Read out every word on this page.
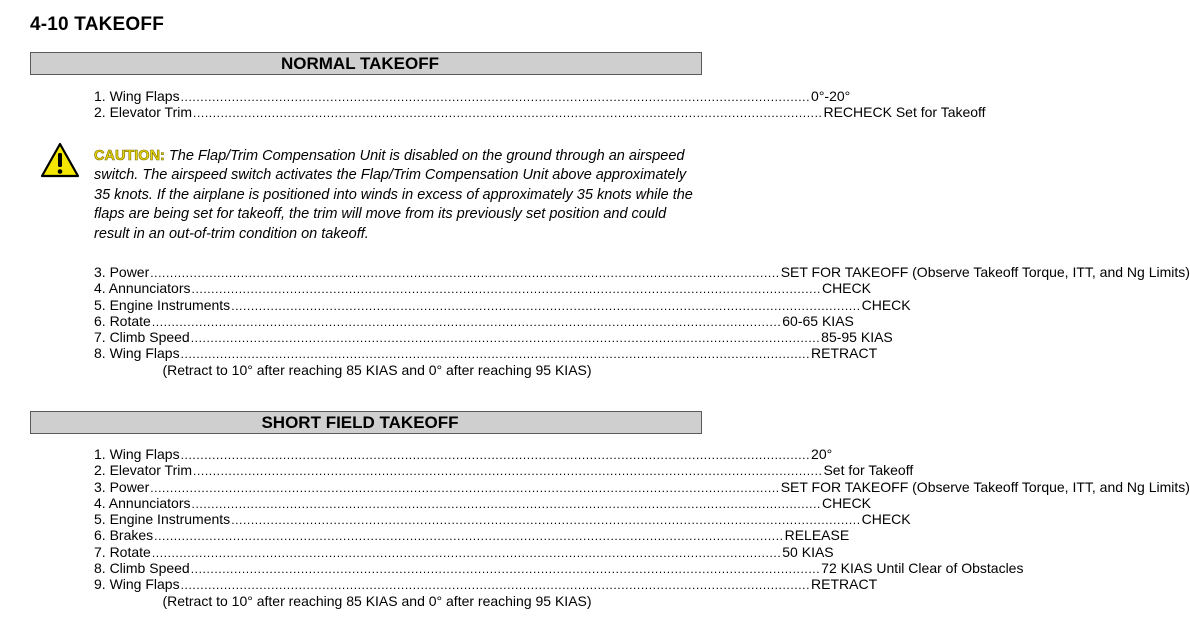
4-10 TAKEOFF
NORMAL TAKEOFF
1. Wing Flaps ................................................................................................................................................................ 0°-20°
2. Elevator Trim ................................................................................................................................................................ RECHECK Set for Takeoff
CAUTION: The Flap/Trim Compensation Unit is disabled on the ground through an airspeed switch. The airspeed switch activates the Flap/Trim Compensation Unit above approximately 35 knots. If the airplane is positioned into winds in excess of approximately 35 knots while the flaps are being set for takeoff, the trim will move from its previously set position and could result in an out-of-trim condition on takeoff.
3. Power ................................................................................................................................................................ SET FOR TAKEOFF (Observe Takeoff Torque, ITT, and Ng Limits)
4. Annunciators ................................................................................................................................................................ CHECK
5. Engine Instruments ................................................................................................................................................................ CHECK
6. Rotate ................................................................................................................................................................ 60-65 KIAS
7. Climb Speed ................................................................................................................................................................ 85-95 KIAS
8. Wing Flaps ................................................................................................................................................................ RETRACT
(Retract to 10° after reaching 85 KIAS and 0° after reaching 95 KIAS)
SHORT FIELD TAKEOFF
1. Wing Flaps ................................................................................................................................................................ 20°
2. Elevator Trim ................................................................................................................................................................ Set for Takeoff
3. Power ................................................................................................................................................................ SET FOR TAKEOFF (Observe Takeoff Torque, ITT, and Ng Limits)
4. Annunciators ................................................................................................................................................................ CHECK
5. Engine Instruments ................................................................................................................................................................ CHECK
6. Brakes ................................................................................................................................................................ RELEASE
7. Rotate ................................................................................................................................................................ 50 KIAS
8. Climb Speed ................................................................................................................................................................ 72 KIAS Until Clear of Obstacles
9. Wing Flaps ................................................................................................................................................................ RETRACT
(Retract to 10° after reaching 85 KIAS and 0° after reaching 95 KIAS)
